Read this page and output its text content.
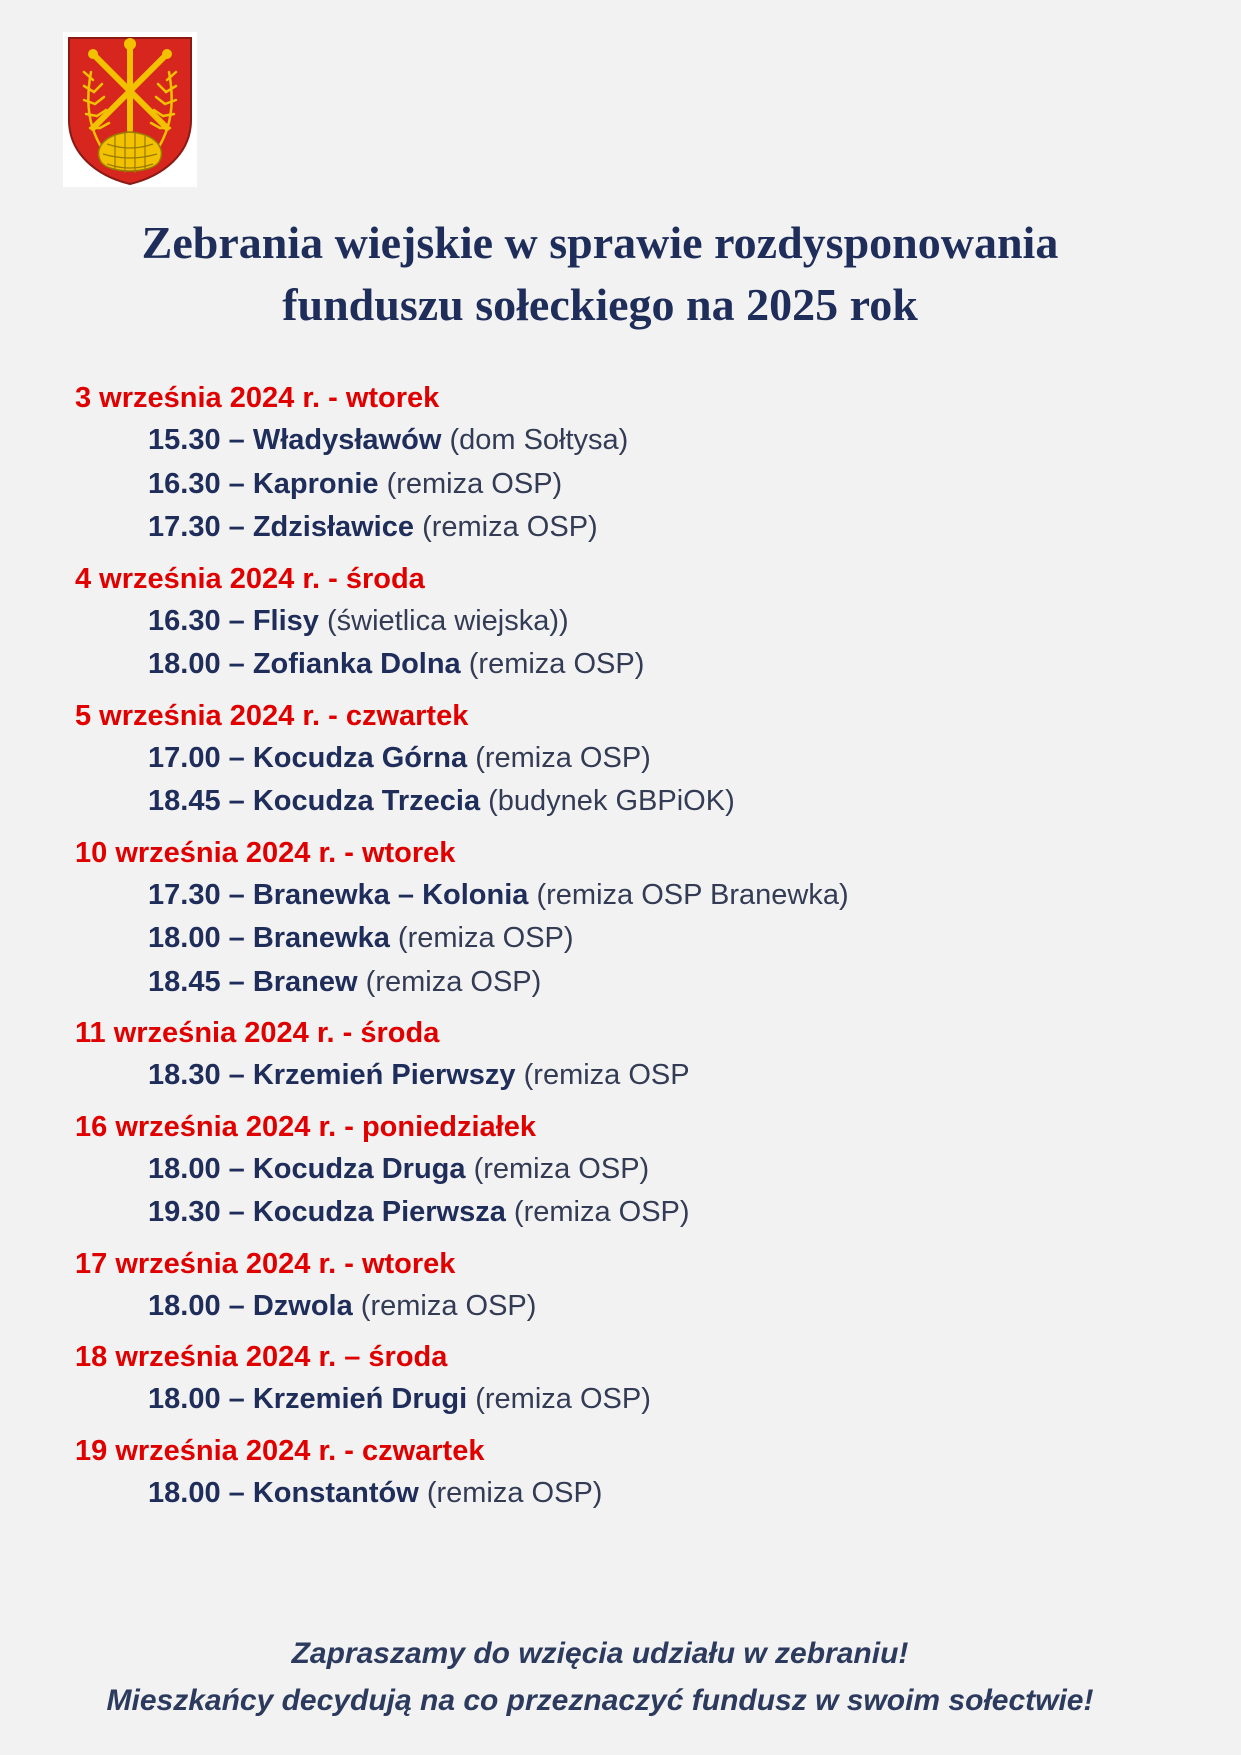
Zebrania wiejskie w sprawie rozdysponowania
funduszu sołeckiego na 2025 rok
3 września 2024 r. - wtorek
15.30 – Władysławów (dom Sołtysa)
16.30 – Kapronie (remiza OSP)
17.30 – Zdzisławice (remiza OSP)
4 września 2024 r. - środa
16.30 – Flisy (świetlica wiejska))
18.00 – Zofianka Dolna (remiza OSP)
5 września 2024 r. - czwartek
17.00 – Kocudza Górna (remiza OSP)
18.45 – Kocudza Trzecia (budynek GBPiOK)
10 września 2024 r. - wtorek
17.30 – Branewka – Kolonia (remiza OSP Branewka)
18.00 – Branewka (remiza OSP)
18.45 – Branew (remiza OSP)
11 września 2024 r. - środa
18.30 – Krzemień Pierwszy (remiza OSP
16 września 2024 r. - poniedziałek
18.00 – Kocudza Druga (remiza OSP)
19.30 – Kocudza Pierwsza (remiza OSP)
17 września 2024 r. - wtorek
18.00 – Dzwola (remiza OSP)
18 września 2024 r. – środa
18.00 – Krzemień Drugi (remiza OSP)
19 września 2024 r. - czwartek
18.00 – Konstantów (remiza OSP)
Zapraszamy do wzięcia udziału w zebraniu!
Mieszkańcy decydują na co przeznaczyć fundusz w swoim sołectwie!
